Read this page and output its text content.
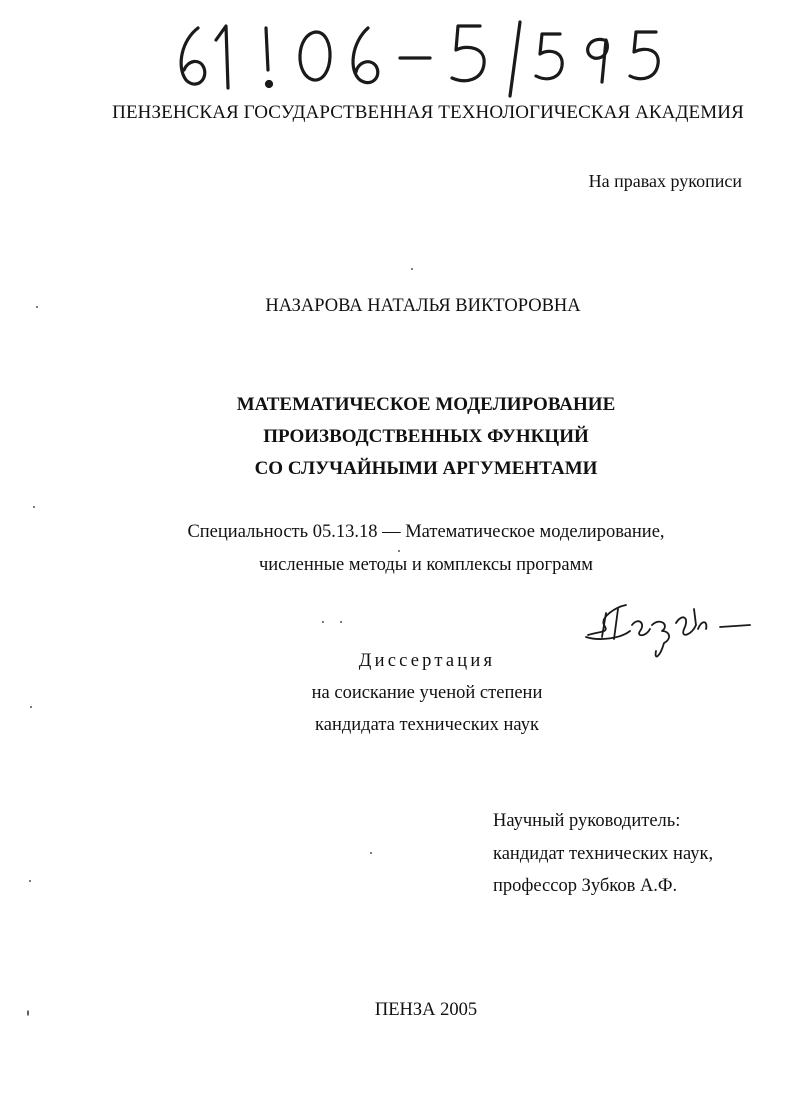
ПЕНЗЕНСКАЯ ГОСУДАРСТВЕННАЯ ТЕХНОЛОГИЧЕСКАЯ АКАДЕМИЯ
На правах рукописи
НАЗАРОВА НАТАЛЬЯ ВИКТОРОВНА
МАТЕМАТИЧЕСКОЕ МОДЕЛИРОВАНИЕ
ПРОИЗВОДСТВЕННЫХ ФУНКЦИЙ
СО СЛУЧАЙНЫМИ АРГУМЕНТАМИ
Специальность 05.13.18 — Математическое моделирование,
численные методы и комплексы программ
Диссертация
на соискание ученой степени
кандидата технических наук
Научный руководитель:
кандидат технических наук,
профессор Зубков А.Ф.
ПЕНЗА 2005
